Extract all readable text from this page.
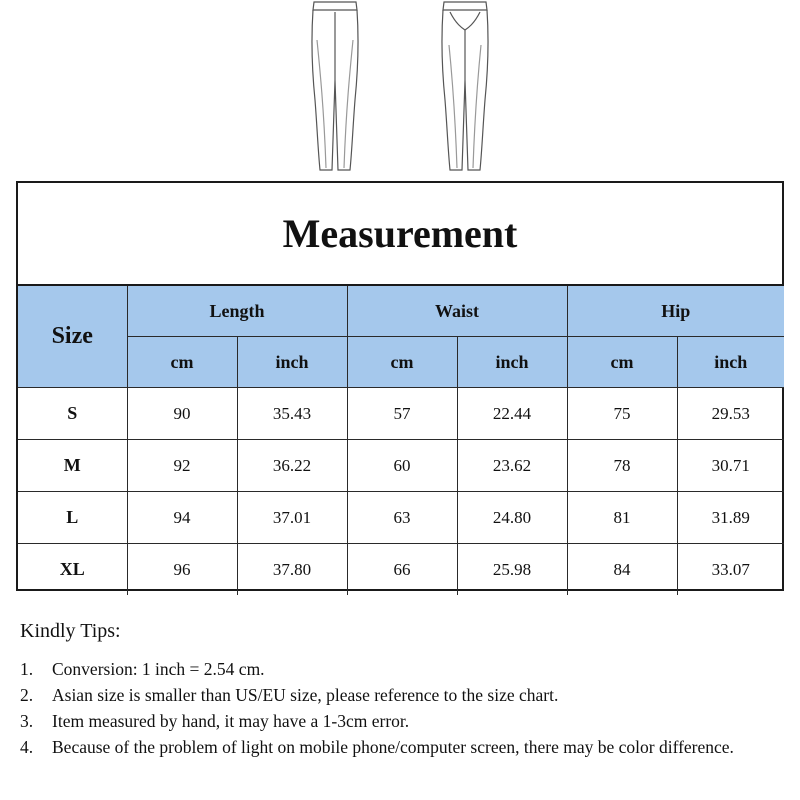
Measurement
Size	Length		Waist		Hip	
	cm	inch	cm	inch	cm	inch
S	90	35.43	57	22.44	75	29.53
M	92	36.22	60	23.62	78	30.71
L	94	37.01	63	24.80	81	31.89
XL	96	37.80	66	25.98	84	33.07
Kindly Tips:
1.	Conversion: 1 inch = 2.54 cm.
2.	Asian size is smaller than US/EU size, please reference to the size chart.
3.	Item measured by hand, it may have a 1-3cm error.
4.	Because of the problem of light on mobile phone/computer screen, there may be color difference.
